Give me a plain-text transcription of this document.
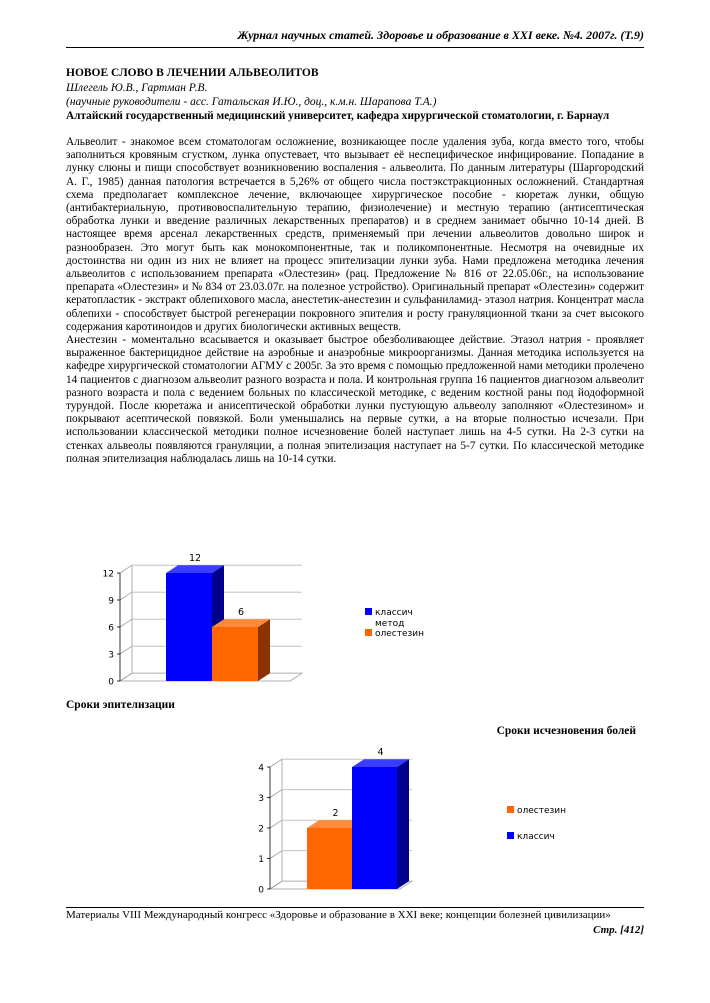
Журнал научных статей. Здоровье и образование в XXI веке. №4. 2007г. (Т.9)
НОВОЕ СЛОВО В ЛЕЧЕНИИ АЛЬВЕОЛИТОВ
Шлегель Ю.В., Гартман Р.В.
(научные руководители - асс. Гатальская И.Ю., доц., к.м.н. Шарапова Т.А.)
Алтайский государственный медицинский университет, кафедра хирургической стоматологии, г. Барнаул

Альвеолит - знакомое всем стоматологам осложнение, возникающее после удаления зуба, когда вместо того, чтобы заполниться кровяным сгустком, лунка опустевает, что вызывает её неспецифическое инфицирование. Попадание в лунку слюны и пищи способствует возникновению воспаления - альвеолита. По данным литературы (Шаргородский А. Г., 1985) данная патология встречается в 5,26% от общего числа постэкстракционных осложнений. Стандартная схема предполагает комплексное лечение, включающее хирургическое пособие - кюретаж лунки, общую (антибактериальную, противовоспалительную терапию, физиолечение) и местную терапию (антисептическая обработка лунки и введение различных лекарственных препаратов) и в среднем занимает обычно 10-14 дней. В настоящее время арсенал лекарственных средств, применяемый при лечении альвеолитов довольно широк и разнообразен. Это могут быть как монокомпонентные, так и поликомпонентные. Несмотря на очевидные их достоинства ни один из них не влияет на процесс эпителизации лунки зуба. Нами предложена методика лечения альвеолитов с использованием препарата «Олестезин» (рац. Предложение № 816 от 22.05.06г., на использование препарата «Олестезин» и № 834 от 23.03.07г. на полезное устройство). Оригинальный препарат «Олестезин» содержит кератопластик - экстракт облепихового масла, анестетик-анестезин и сульфаниламид- этазол натрия. Концентрат масла облепихи - способствует быстрой регенерации покровного эпителия и росту грануляционной ткани за счет высокого содержания каротиноидов и других биологически активных веществ.

Анестезин - моментально всасывается и оказывает быстрое обезболивающее действие. Этазол натрия - проявляет выраженное бактерицидное действие на аэробные и анаэробные микроорганизмы. Данная методика используется на кафедре хирургической стоматологии АГМУ с 2005г. За это время с помощью предложенной нами методики пролечено 14 пациентов с диагнозом альвеолит разного возраста и пола. И контрольная группа 16 пациентов диагнозом альвеолит разного возраста и пола с ведением больных по классической методике, с веденим костной раны под йодоформной турундой. После кюретажа и анисептической обработки лунки пустующую альвеолу заполняют «Олестезином» и покрывают асептической повязкой. Боли уменьшались на первые сутки, а на вторые полностью исчезали. При использовании классической методики полное исчезновение болей наступает лишь на 4-5 сутки. На 2-3 сутки на стенках альвеолы появляются грануляции, а полная эпителизация наступает на 5-7 сутки. По классической методике полная эпителизация наблюдалась лишь на 10-14 сутки.

0
3
6
9
12
12
6	классич
метод
олестезин
Сроки эпителизации
Сроки исчезновения болей
0
1
2
3
4
2
4
олестезин
классич
Материалы VIII Международный конгресс «Здоровье и образование в XXI веке; концепции болезней цивилизации»
Стр. [412]
